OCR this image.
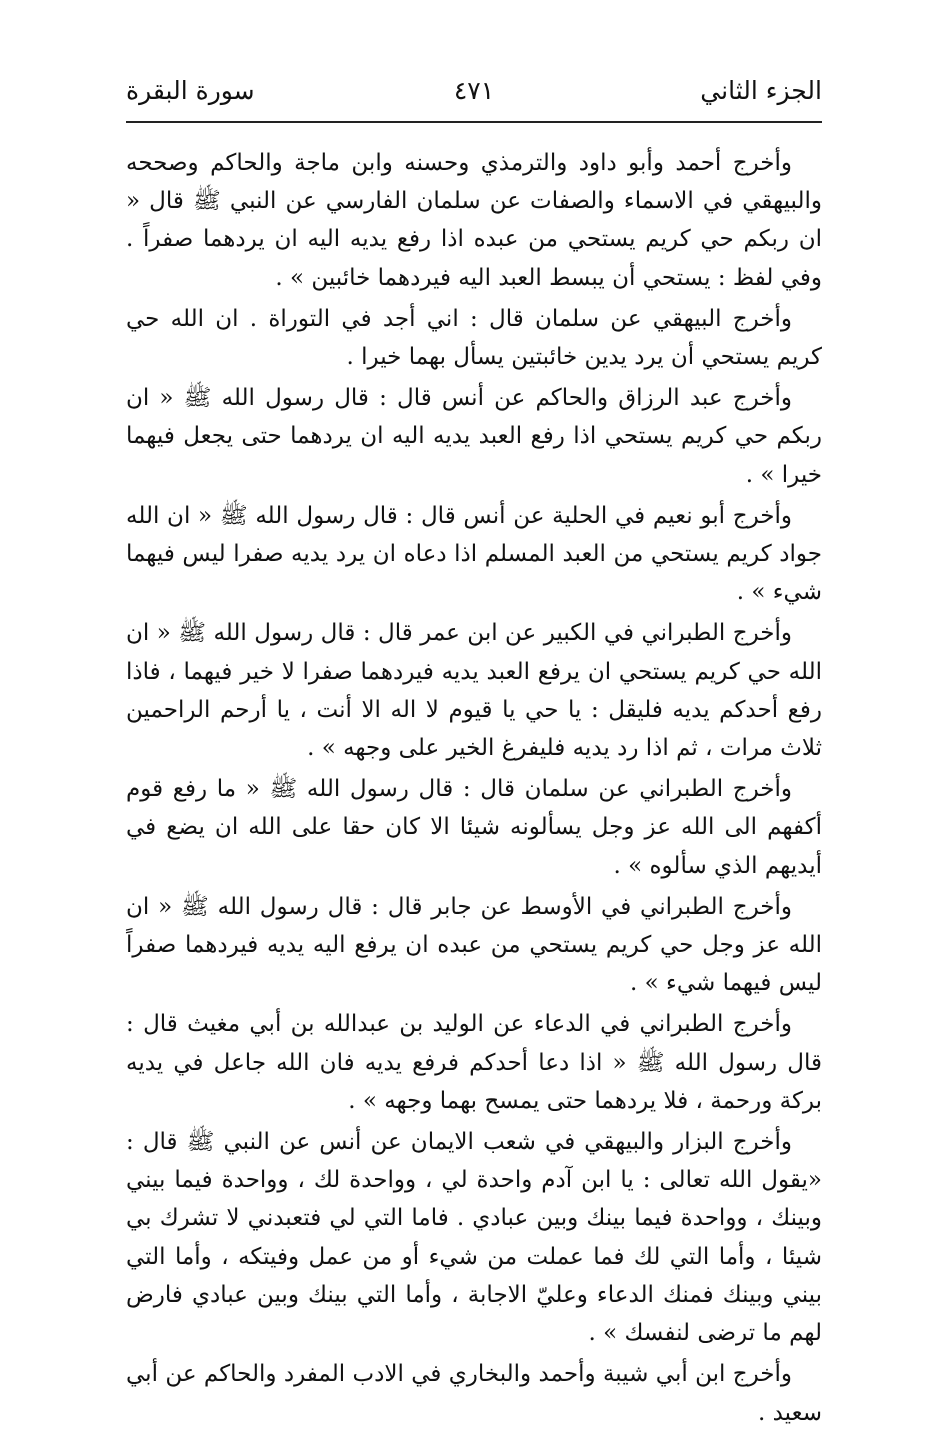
الجزء الثاني
٤٧١
سورة البقرة

وأخرج أحمد وأبو داود والترمذي وحسنه وابن ماجة والحاكم وصححه والبيهقي في الاسماء والصفات عن سلمان الفارسي عن النبي ﷺ قال « ان ربكم حي كريم يستحي من عبده اذا رفع يديه اليه ان يردهما صفراً . وفي لفظ : يستحي أن يبسط العبد اليه فيردهما خائبين » .

وأخرج البيهقي عن سلمان قال : اني أجد في التوراة . ان الله حي كريم يستحي أن يرد يدين خائبتين يسأل بهما خيرا .

وأخرج عبد الرزاق والحاكم عن أنس قال : قال رسول الله ﷺ « ان ربكم حي كريم يستحي اذا رفع العبد يديه اليه ان يردهما حتى يجعل فيهما خيرا » .

وأخرج أبو نعيم في الحلية عن أنس قال : قال رسول الله ﷺ « ان الله جواد كريم يستحي من العبد المسلم اذا دعاه ان يرد يديه صفرا ليس فيهما شيء » .

وأخرج الطبراني في الكبير عن ابن عمر قال : قال رسول الله ﷺ « ان الله حي كريم يستحي ان يرفع العبد يديه فيردهما صفرا لا خير فيهما ، فاذا رفع أحدكم يديه فليقل : يا حي يا قيوم لا اله الا أنت ، يا أرحم الراحمين ثلاث مرات ، ثم اذا رد يديه فليفرغ الخير على وجهه » .

وأخرج الطبراني عن سلمان قال : قال رسول الله ﷺ « ما رفع قوم أكفهم الى الله عز وجل يسألونه شيئا الا كان حقا على الله ان يضع في أيديهم الذي سألوه » .

وأخرج الطبراني في الأوسط عن جابر قال : قال رسول الله ﷺ « ان الله عز وجل حي كريم يستحي من عبده ان يرفع اليه يديه فيردهما صفراً ليس فيهما شيء » .

وأخرج الطبراني في الدعاء عن الوليد بن عبدالله بن أبي مغيث قال : قال رسول الله ﷺ « اذا دعا أحدكم فرفع يديه فان الله جاعل في يديه بركة ورحمة ، فلا يردهما حتى يمسح بهما وجهه » .

وأخرج البزار والبيهقي في شعب الايمان عن أنس عن النبي ﷺ قال : «يقول الله تعالى : يا ابن آدم واحدة لي ، وواحدة لك ، وواحدة فيما بيني وبينك ، وواحدة فيما بينك وبين عبادي . فاما التي لي فتعبدني لا تشرك بي شيئا ، وأما التي لك فما عملت من شيء أو من عمل وفيتكه ، وأما التي بيني وبينك فمنك الدعاء وعليّ الاجابة ، وأما التي بينك وبين عبادي فارض لهم ما ترضى لنفسك » .

وأخرج ابن أبي شيبة وأحمد والبخاري في الادب المفرد والحاكم عن أبي سعيد .
